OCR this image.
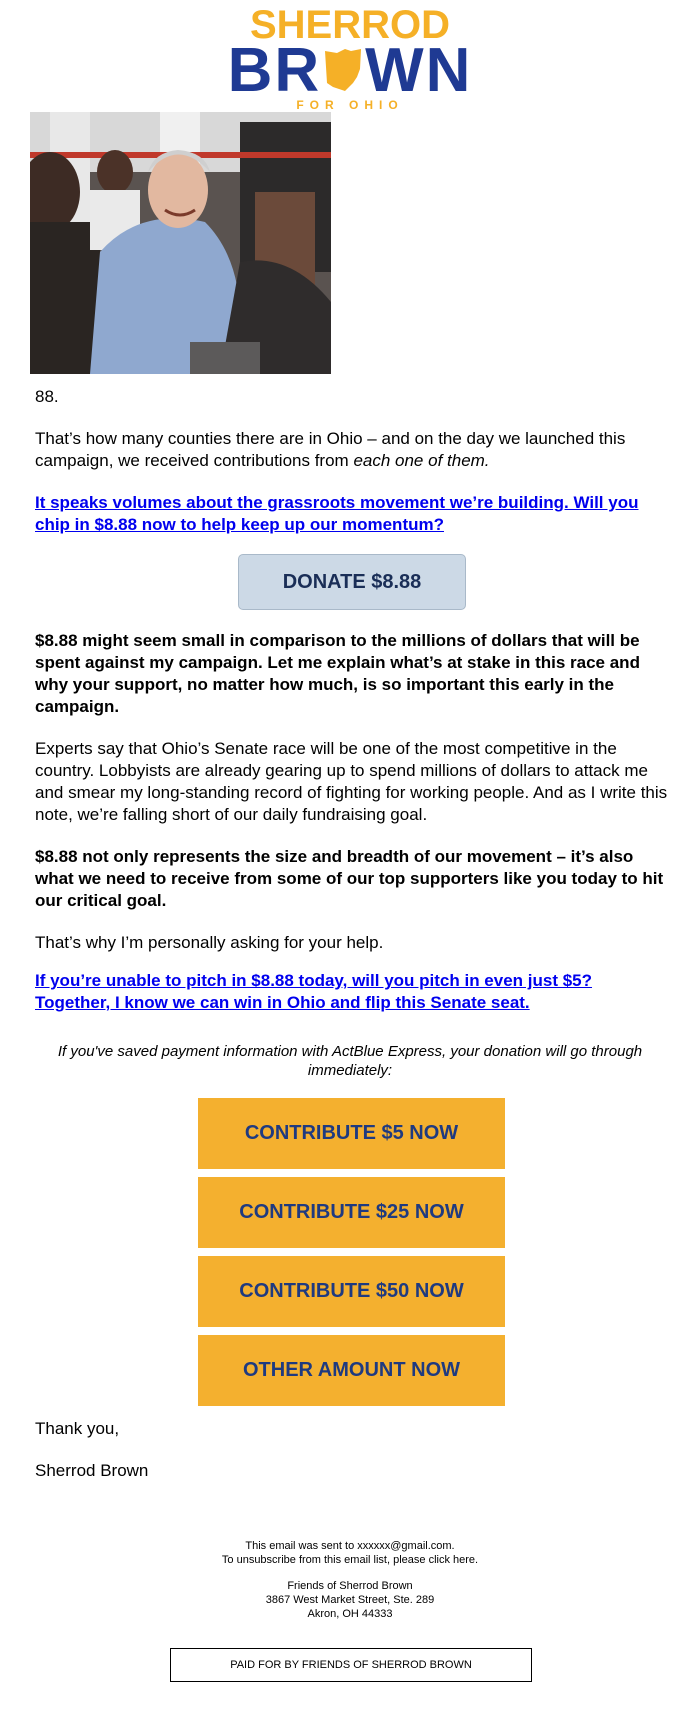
SHERROD
BR WN
FOR OHIO
88.
That’s how many counties there are in Ohio – and on the day we launched this campaign, we received contributions from each one of them.
It speaks volumes about the grassroots movement we’re building. Will you chip in $8.88 now to help keep up our momentum?
DONATE $8.88
$8.88 might seem small in comparison to the millions of dollars that will be spent against my campaign. Let me explain what’s at stake in this race and why your support, no matter how much, is so important this early in the campaign.
Experts say that Ohio’s Senate race will be one of the most competitive in the country. Lobbyists are already gearing up to spend millions of dollars to attack me and smear my long-standing record of fighting for working people. And as I write this note, we’re falling short of our daily fundraising goal.
$8.88 not only represents the size and breadth of our movement – it’s also what we need to receive from some of our top supporters like you today to hit our critical goal.
That’s why I’m personally asking for your help.
If you’re unable to pitch in $8.88 today, will you pitch in even just $5? Together, I know we can win in Ohio and flip this Senate seat.
If you've saved payment information with ActBlue Express, your donation will go through immediately:
CONTRIBUTE $5 NOW
CONTRIBUTE $25 NOW
CONTRIBUTE $50 NOW
OTHER AMOUNT NOW
Thank you,
Sherrod Brown
This email was sent to xxxxxx@gmail.com.
To unsubscribe from this email list, please click here.
Friends of Sherrod Brown
3867 West Market Street, Ste. 289
Akron, OH 44333
PAID FOR BY FRIENDS OF SHERROD BROWN
